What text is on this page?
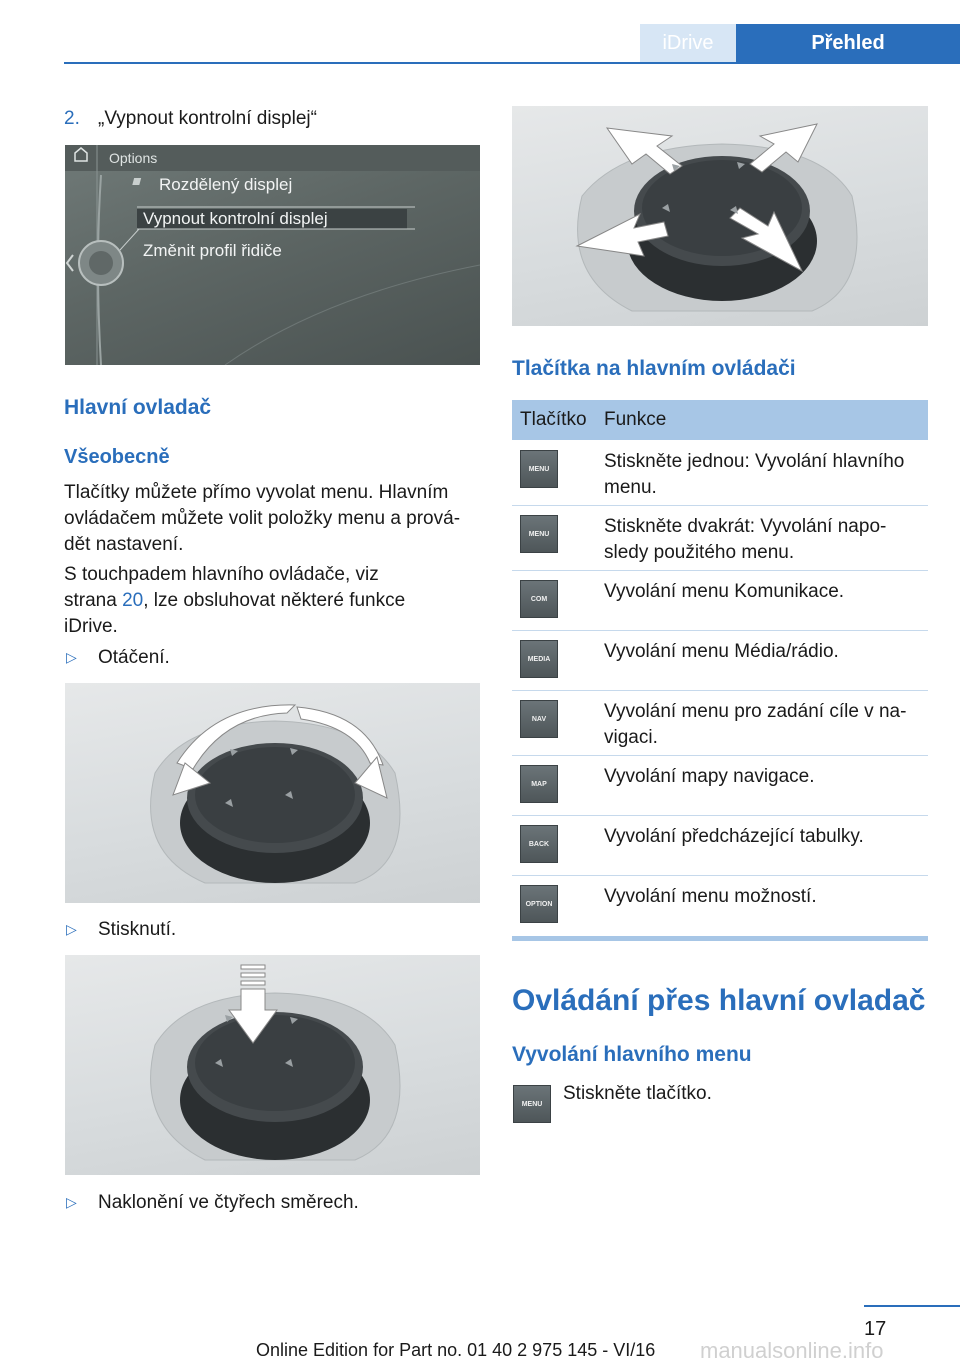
iDrive	Přehled
2. „Vypnout kontrolní displej“
Options
Rozdělený displej
Vypnout kontrolní displej
Změnit profil řidiče
Hlavní ovladač
Všeobecně
Tlačítky můžete přímo vyvolat menu. Hlavním ovládačem můžete volit položky menu a prová‐dět nastavení.
S touchpadem hlavního ovládače, viz
strana 20, lze obsluhovat některé funkce
iDrive.
▷ Otáčení.
▷ Stisknutí.
▷ Naklonění ve čtyřech směrech.
Tlačítka na hlavním ovládači
Tlačítko Funkce
MENU	Stiskněte jednou: Vyvolání hlavního menu.
MENU	Stiskněte dvakrát: Vyvolání napo‐sledy použitého menu.
COM	Vyvolání menu Komunikace.
MEDIA	Vyvolání menu Média/rádio.
NAV	Vyvolání menu pro zadání cíle v na‐vigaci.
MAP	Vyvolání mapy navigace.
BACK	Vyvolání předcházející tabulky.
OPTION	Vyvolání menu možností.
Ovládání přes hlavní ovladač
Vyvolání hlavního menu
MENU	Stiskněte tlačítko.
17
Online Edition for Part no. 01 40 2 975 145 - VI/16 manualsonline.info
